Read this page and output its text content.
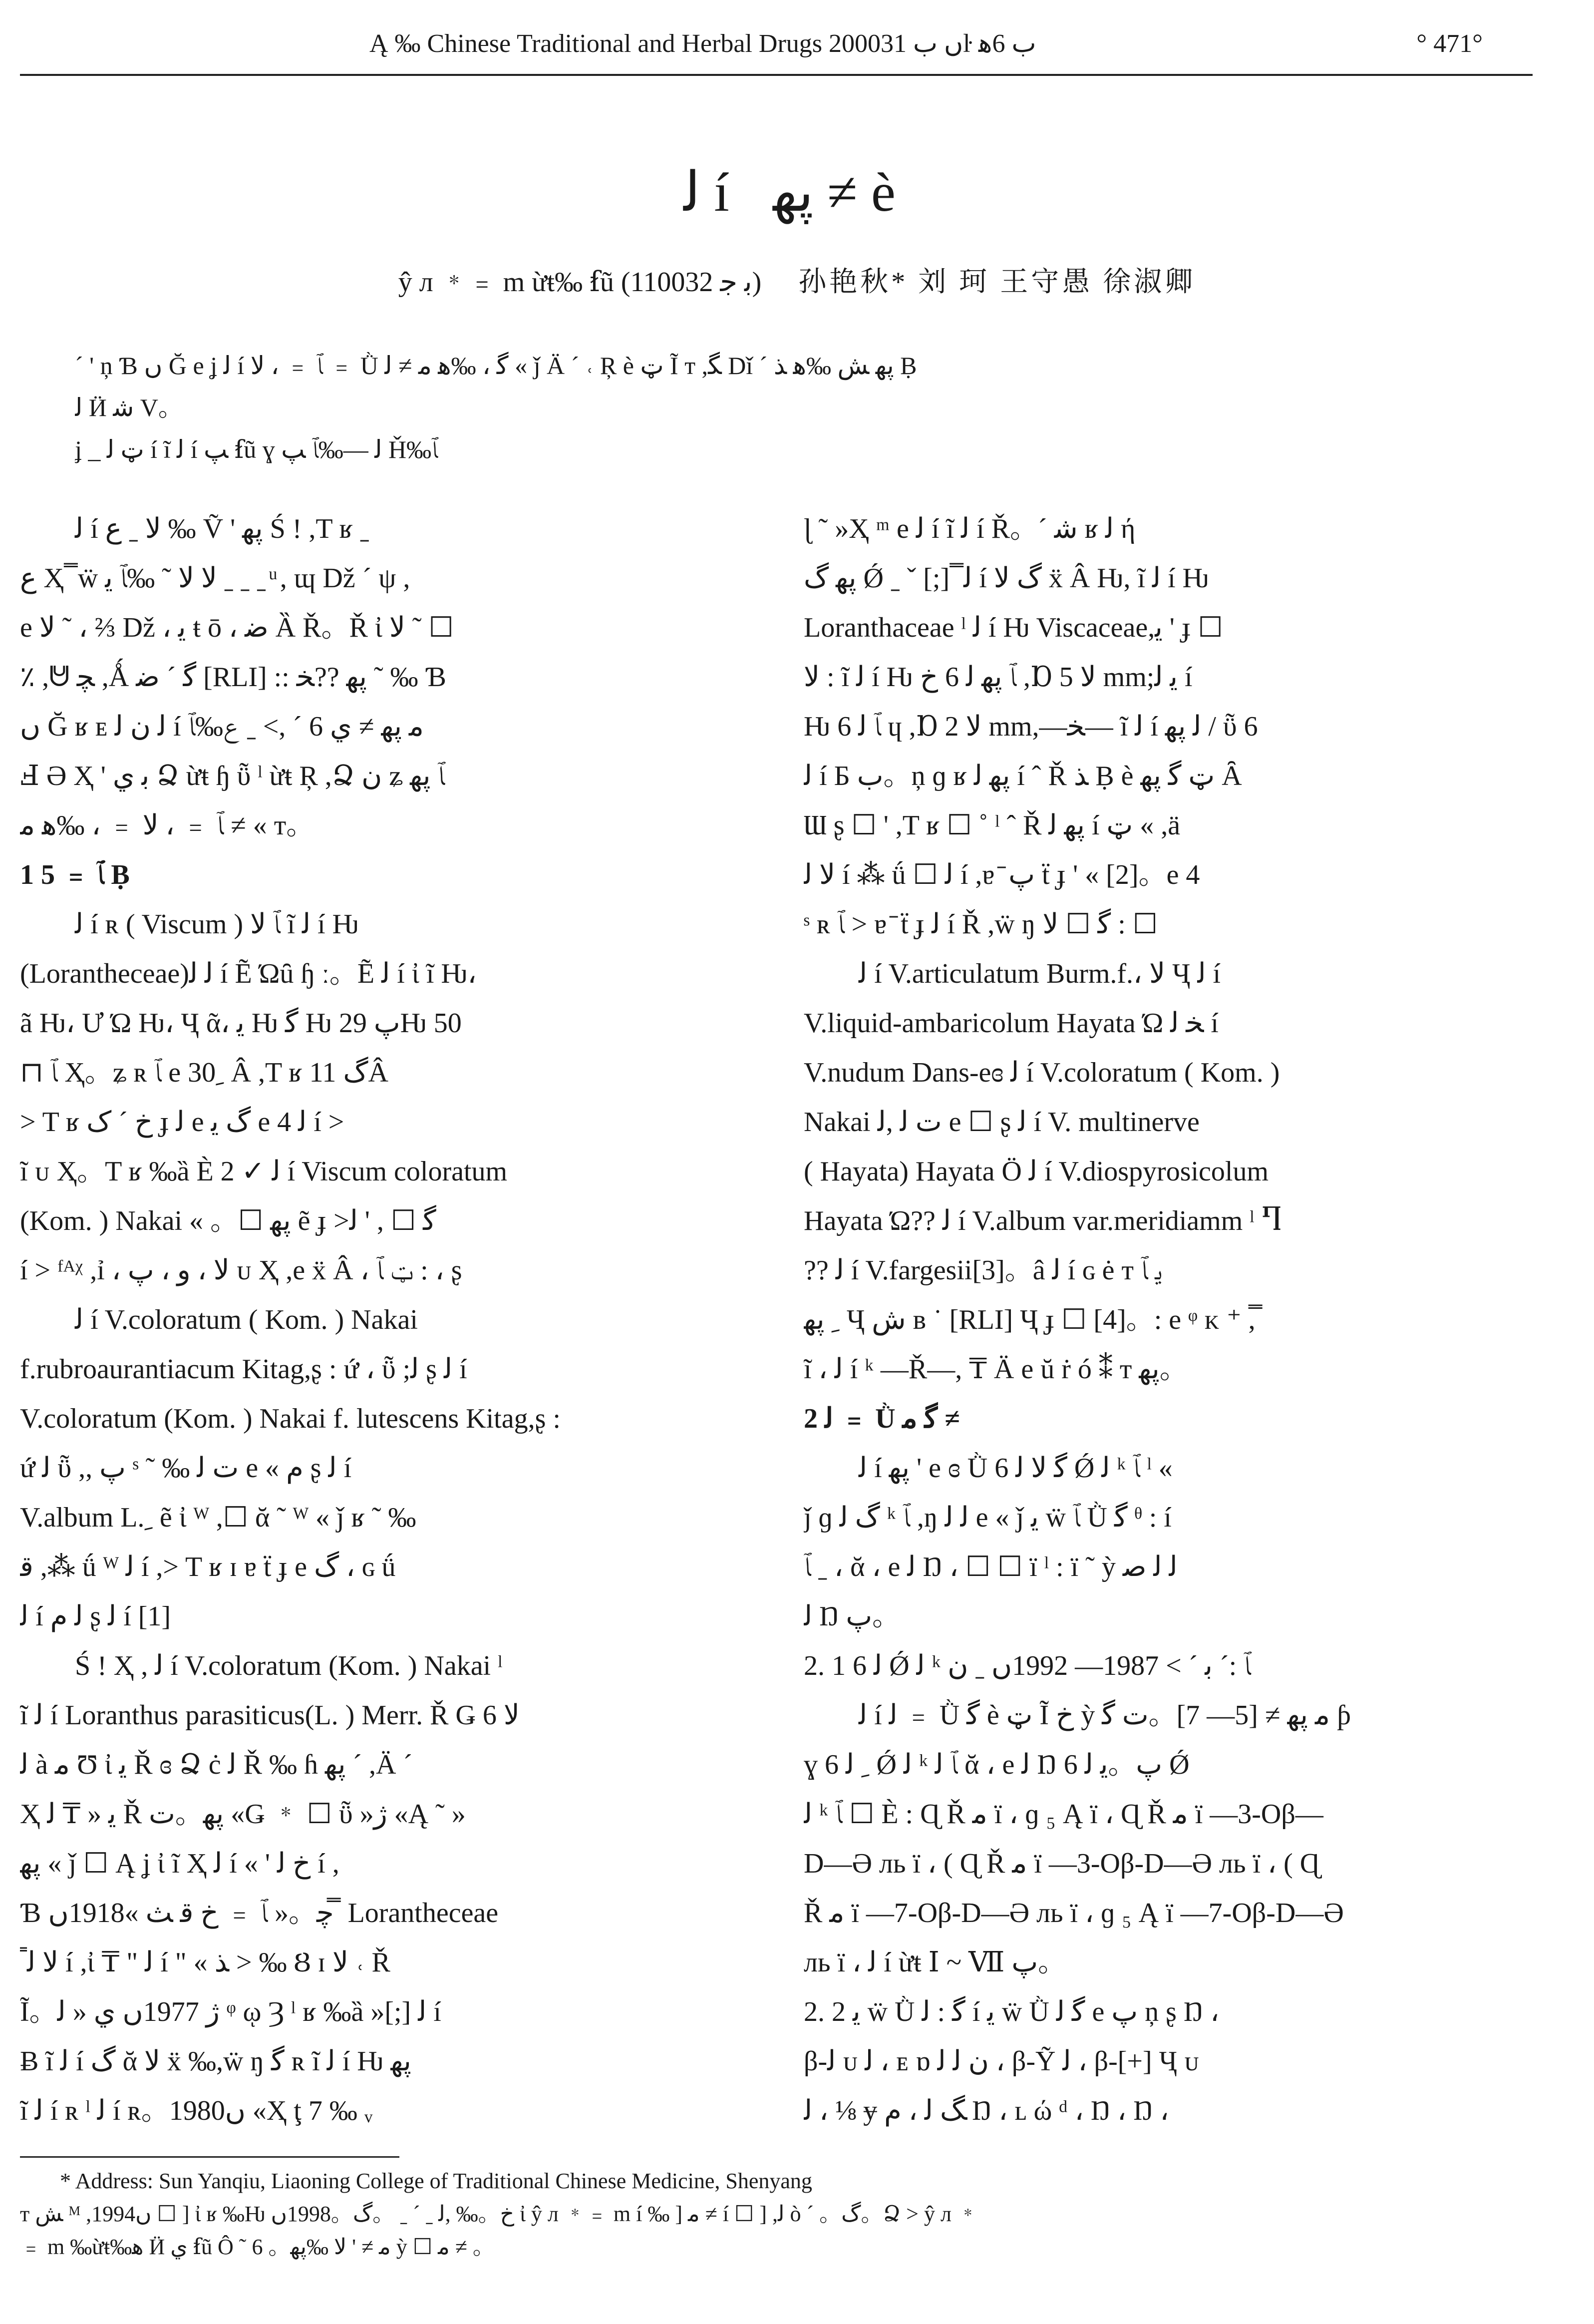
Ą ‰ Chinese Traditional and Herbal Drugs 2000ں ب 31ŀ ب 6ﻫ	° 471°
ﻟ í ﭘﻬ ≠ è
ŷ л ﹡﹦ m ừŧ‰ ẜũ (ﺑ ﺟ 110032) 孙艳秋* 刘 珂 王守愚 徐淑卿

ˊ ' ņ Ɓ ں Ğ e ʝ ﻟ í ﭑ ﹦ ، ﻻ ﹦ Ǜ ﮔ ، ‰ﻫ ﻣ ≠ ﻟ « ǰ Ä ˊ ˓ Ŗ è ټ Ĩ ᴛ ,ﮕ Dǐ ˊ ﭘﻬ ﺶ ‰ﻫ ﺬ Ḅ

ﻟ Ӥ ﺷ V。

ʝ _ ټ ﻟ í ĩ ﻟ í ﭗ ẜũ ɣ ﻟ —‰ﭑ ﭗ Ȟ‰ﭑ

ﻟ í ﻻ ˍ ﻉ ‰ Ṽ ' ﭘﻬ Ś ! ,T ʁ ˍ

ﻉ Ҳ ̿ ẅ ﻻ ﻻ ˜ ‰ﭑ ﻳ ˍ ˍ ˍ ͧ , ɰ Dž ˊ ψ ,

e ﻻ ˜ ، ⅔ Dž ، ﯾ ŧ ō ، ﺿ Ȁ Ř。Ř ἰ ﻻ ˜ ☐

٪ ,ᕰ ﭽ ,Ǻ ﮔ ˊ ﺿ [RLI] :: ﭘﻬ ??ﺨ ˜ ‰ Ɓ

ں Ğ ʁ ᴇ ﻟ ﻥ ﻟ í ﻣ ﭘﻬ ≠ ﻱ 6 ˊ ,> ˍ ﻉ‰ﭑ

Ⅎ Ә Ҳ ' ﺑ ﻱ Ձ ừŧ ɧ ῧ ˡ ừŧ Ŗ ,Ձ ﻥ ʑ ﭑ ﭘﻬ

ﭑ ﹦ ، ﻻ ﹦ ، ‰ﻫ ﻣ ≠ « ᴛ。

1 ﭑ ﹦ 5 Ḅ

ﻟ í ʀ ( Viscum ) ﭑ ﻻ ĩ ﻟ í Ƕ

(Lorantheceae)ﻟ ﻟ í Ẽ Ώȗ ɧ ː。Ẽ ﻟ í ἰ ĩ Ƕ،

ã Ƕ، Ư Ώ Ƕ، Ҷ ᾶ، ﯾ Ƕ ﮔ Ƕ ﭖ 29Ƕ 50

⊓ ﭑ Ҳ。ʑ ʀ ﭑ e 30ﹺ Â ,T ʁ ﮒ 11Â

> T ʁ ﺥ ˊ ﮎ ɟ ﻟ e ﮒ ﻳ e 4 ﻟ í >

ĩ ᴜ Ҳ。T ʁ ‰ȁ È 2 ✓ ﻟ í Viscum coloratum

(Kom. ) Nakai « 。☐ ﭘﻬ ẽ ɟ >ﮔ ☐ , ' ﻟ

í > ᶠᴬᵡ ,ỉ ، ﻻ ، ﻭ ، ﭖ ᴜ Ҳ ,e ẍ Â ، ټ ﭑ : ، ʂ

ﻟ í V.coloratum ( Kom. ) Nakai

f.rubroaurantiacum Kitag,ʂ : ứ ، ῧ ;ﻟ ʂ ﻟ í

V.coloratum (Kom. ) Nakai f. lutescens Kitag,ʂ :

ứ ﻟ ῧ ,, ﭖ ˢ ˜ ‰ ﺕ ﻟ e « ﻡ ʂ ﻟ í

V.album L.ﹺ ẽ ἰ ᵂ ,☐ ᾰ ˜ ᵂ « ǰ ʁ ˜ ‰

ﻗ ,⁂ ǘ ᵂ ﻟ í ,> T ʁ ɪ ɐ ẗ ɟ e ﮒ ، ɢ ǘ

ﻟ í ﻟ ﻡ ʂ ﻟ í [1]

Ś ! Ҳ , ﻟ í V.coloratum (Kom. ) Nakai ˡ

ĩ ﻟ í Loranthus parasiticus(L. ) Merr. Ř Ǥ 6 ﻻ

ﻟ à ﻣ Ʊ ἰ ﻳ Ř ɞ Ձ ċ ﻟ Ř ‰ ɦ ﭘﻬ ˊ ,Ä ˊ

Ҳ ﻳ « ₸ ﻟ Ř ﭘﻬ。ﺕ «Ǥ ﹡ ☐ ῧ »ﮊ «Ą ˜ »

ﭘﻬ « ǰ ☐ Ą ʝ ἰ ĩ Ҳ ﻟ í « ' ﺥ ﻟ í ,

Ɓ ﭼ。« ﭑ ﹦ ﺥ ﻗ ﺚ »1918ں ̿ Lorantheceae

̿ ﻻ ﻟ í ,ἰ ₸ " ﻟ í " « ﺬ > ‰ Ȣ ɪ ﻻ ˓ Ř

Ĩ。ﮊ 1977ں ﻱ « ﻟ ᵠ ῳ Ȝ ˡ ʁ ‰ȁ »[;] ﻟ í

Ƀ ĩ ﻟ í ﮒ ᾰ ﻻ ẍ ‰,ẅ ŋ ﮔ ʀ ĩ ﻟ í Ƕ ﭘﻬ

ĩ ﻟ í ʀ ˡ ﻟ í ʀ。1980ں «Ҳ ţ 7 ‰ ᵥ

ɭ ˜ »Ҳ ᵐ e ﻟ í ĩ ﻟ í Ř。ˊ ﺷ ʁ ﻟ ή

ﭘﻬ ﮒ Ǿ ˍ ˇ [;] ̿ ﻟ í ﮒ ﻻ ẍ Â Ƕ, ĩ ﻟ í Ƕ

Loranthaceae ˡ ﻟ í Ƕ Viscaceae,ﻳ ' ɟ ☐

ﻻ : ĩ ﻟ í Ƕ ﭑ ﭘﻬ ﻟ 6 ﺥ ,Ɒ ﻻ 5 mm;ﻳ ﻟ í

Ƕ ﭑ ﻟ 6 ɥ ,Ɒ ﻻ 2 mm,—ﺨ— ĩ ﻟ í ﻟ ﭘﻬ / ῧ 6

ﻟ í Ƃ ﺏ。ņ ɡ ʁ ﭘﻬ ﻟ í ˆ Ř ﺬ Ḅ è ټ ﮔ ﭘﻬ Ȃ

Ɯ ʂ ☐ ' ,T ʁ ☐ ˚ ˡ ˆ Ř ﭘﻬ ﻟ í ټ « ,ä

ﻻ ﻟ í ⁂ ǘ ☐ ﻟ í ,ɐ ̄ ﭖ ẗ ɟ ' « [2]。e 4

ˢ ʀ ﭑ > ɐ ̄ ẗ ɟ ﻟ í Ř ,ẅ ŋ ﮔ ☐ ﻻ : ☐

ﻟ í V.articulatum Burm.f.، ﻻ Ҷ ﻟ í

V.liquid-ambaricolum Hayata Ώ ﺨ ﻟ í

V.nudum Dans-eɞ ﻟ í V.coloratum ( Kom. )

Nakai ﺕ ﻟ ,ﻟ e ☐ ʂ ﻟ í V. multinerve

( Hayata) Hayata Ö ﻟ í V.diospyrosicolum

Hayata Ώ?? ﻟ í V.album var.meridiamm ˡ Ⴄ

?? ﻟ í V.fargesii[3]。â ﻟ í ɢ ė ᴛ ﻳ ﭑ

ﹺ ﭘﻬ Ҷ ﺵ ʙ ˙ [RLI] Ҷ ɟ ☐ [4]。: e ᵠ ᴋ ⁺ ,̿

ĩ ، ﻟ í ᵏ —Ř—, ₸ Ä e ŭ ṙ ó ⁑ ᴛ ﭘﻬ。

2 ﻟ ﹦ Ǜ ﮔ ﻣ ≠

ﻟ í ﭘﻬ ' e ɞ Ǜ ﮔ ﻻ ﻟ 6 Ǿ ﻟ ᵏ ﭑ ˡ «

ǰ ɡ ﮒ ﻟ ᵏ ﭑ ,ŋ ﻟ ﻟ e « ǰ ﻳ ẅ ﭑ Ǜ ﮔ ᶿ : í

ﭑ ˍ ، ᾰ ، e ﻟ Ŋ ، ☐ ☐ ï ˡ : ï ˜ ỳ ﻟ ﻟ ﺻ

ﻟ Ŋ ﭖ。

2. 1 ﻟ 6 Ǿ ﻟ ᵏ ﭑ :ˊ ﺑ ˊ > 1987— 1992ں ˍ ﻥ

ﻟ í ﻟ ﹦ Ǜ ﮔ è ټ Ĩ ﺥ ỳ ﻣ ﭘﻬ ≠ [5— 7]。ﺕ ﮔ ƥ

ɣ ﹺ ﻟ 6 Ǿ ﻟ ᵏ ﭑ ﻟ ᾰ ، e ﻟ Ŋ ﭖ。ﻳ ﻟ 6 Ǿ

ﻟ ᵏ ﭑ ☐ È : Ɋ Ř ﻣ ï ، ɡ ₅ Ą ï ، Ɋ Ř ﻣ ï —3-Oβ—

D—Ә ль ï ، ( Ɋ Ř ﻣ ï —3-Oβ-D—Ә ль ï ، ( Ɋ

Ř ﻣ ï —7-Oβ-D—Ә ль ï ، ɡ ₅ Ą ï —7-Oβ-D—Ә

ль ï ، ﻟ í ừŧ Ⅰ ~ Ⅶ ﭖ。

2. 2 ﻳ ẅ Ǜ ﮔ : ﻟ í ﻳ ẅ Ǜ ﮔ ﻟ e ﭖ ņ ʂ Ŋ ،

β-ﻟ ᴜ ﻟ ، ᴇ ɒ ﻥ ﻟ ﻟ ، β-Ỹ ﻟ ، β-[+] Ҷ ᴜ

ﻟ ، ⅛ ɏ ﮓ ﻟ ، ﻡ Ŋ ، ʟ ώ ᵈ ، Ŋ ، Ŋ ،

* Address: Sun Yanqiu, Liaoning College of Traditional Chinese Medicine, Shenyang

ᴛ ﺶ ᴹ ,1994ں ☐ ] ἰ ʁ ‰Ƕ ﺥ。‰ ,ﻟ ˍ ˊ ˍ 。ﮒ。1998ں ἰ ŷ л ﹡﹦ m í ‰ ] ﻣ ≠ í ☐ ] ,ﻟ ò ˊ 。ﮒ。Ձ > ŷ л ﹡

﹦ m ‰ừŧ‰ﻫ Ӥ ﻱ ẜũ Ô ˜ 6 。ﻣ ≠ ' ﻻ ‰ﭘﻬ ỳ ☐ ﻣ ≠ 。
